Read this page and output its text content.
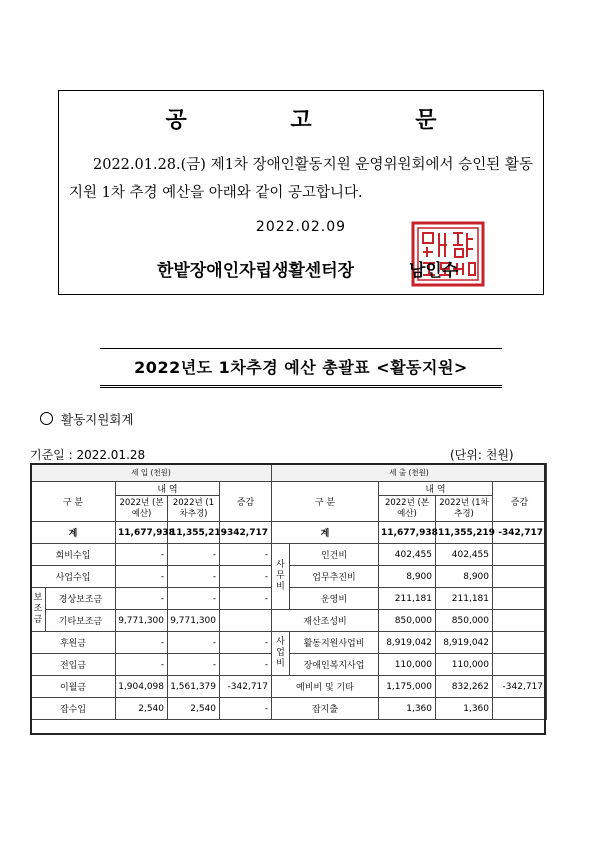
공 고 문
2022.01.28.(금) 제1차 장애인활동지원 운영위원회에서 승인된 활동지원 1차 추경 예산을 아래와 같이 공고합니다.
2022.02.09
한밭장애인자립생활센터장	남인수
2022년도 1차추경 예산 총괄표 <활동지원>
활동지원회계
기준일 : 2022.01.28	(단위: 천원)
세 입 (천원)					세 출 (천원)				
구 분		내 역		증감	구 분		내 역		증감
		2022년 (본예산)	2022년 (1차추경)				2022년 (본예산)	2022년 (1차추경)	
계		11,677,938	11,355,219	-342,717	계		11,677,938	11,355,219	-342,717
회비수입		-	-	-	사무비	인건비	402,455	402,455	
사업수입		-	-	-		업무추진비	8,900	8,900	
보조금	경상보조금	-	-	-		운영비	211,181	211,181	
	기타보조금	9,771,300	9,771,300		재산조성비		850,000	850,000	
후원금		-	-	-	사업비	활동지원사업비	8,919,042	8,919,042	
전입금		-	-	-		장애인복지사업	110,000	110,000	
이월금		1,904,098	1,561,379	-342,717	예비비 및 기타		1,175,000	832,262	-342,717
잡수입		2,540	2,540	-	잡지출		1,360	1,360	
